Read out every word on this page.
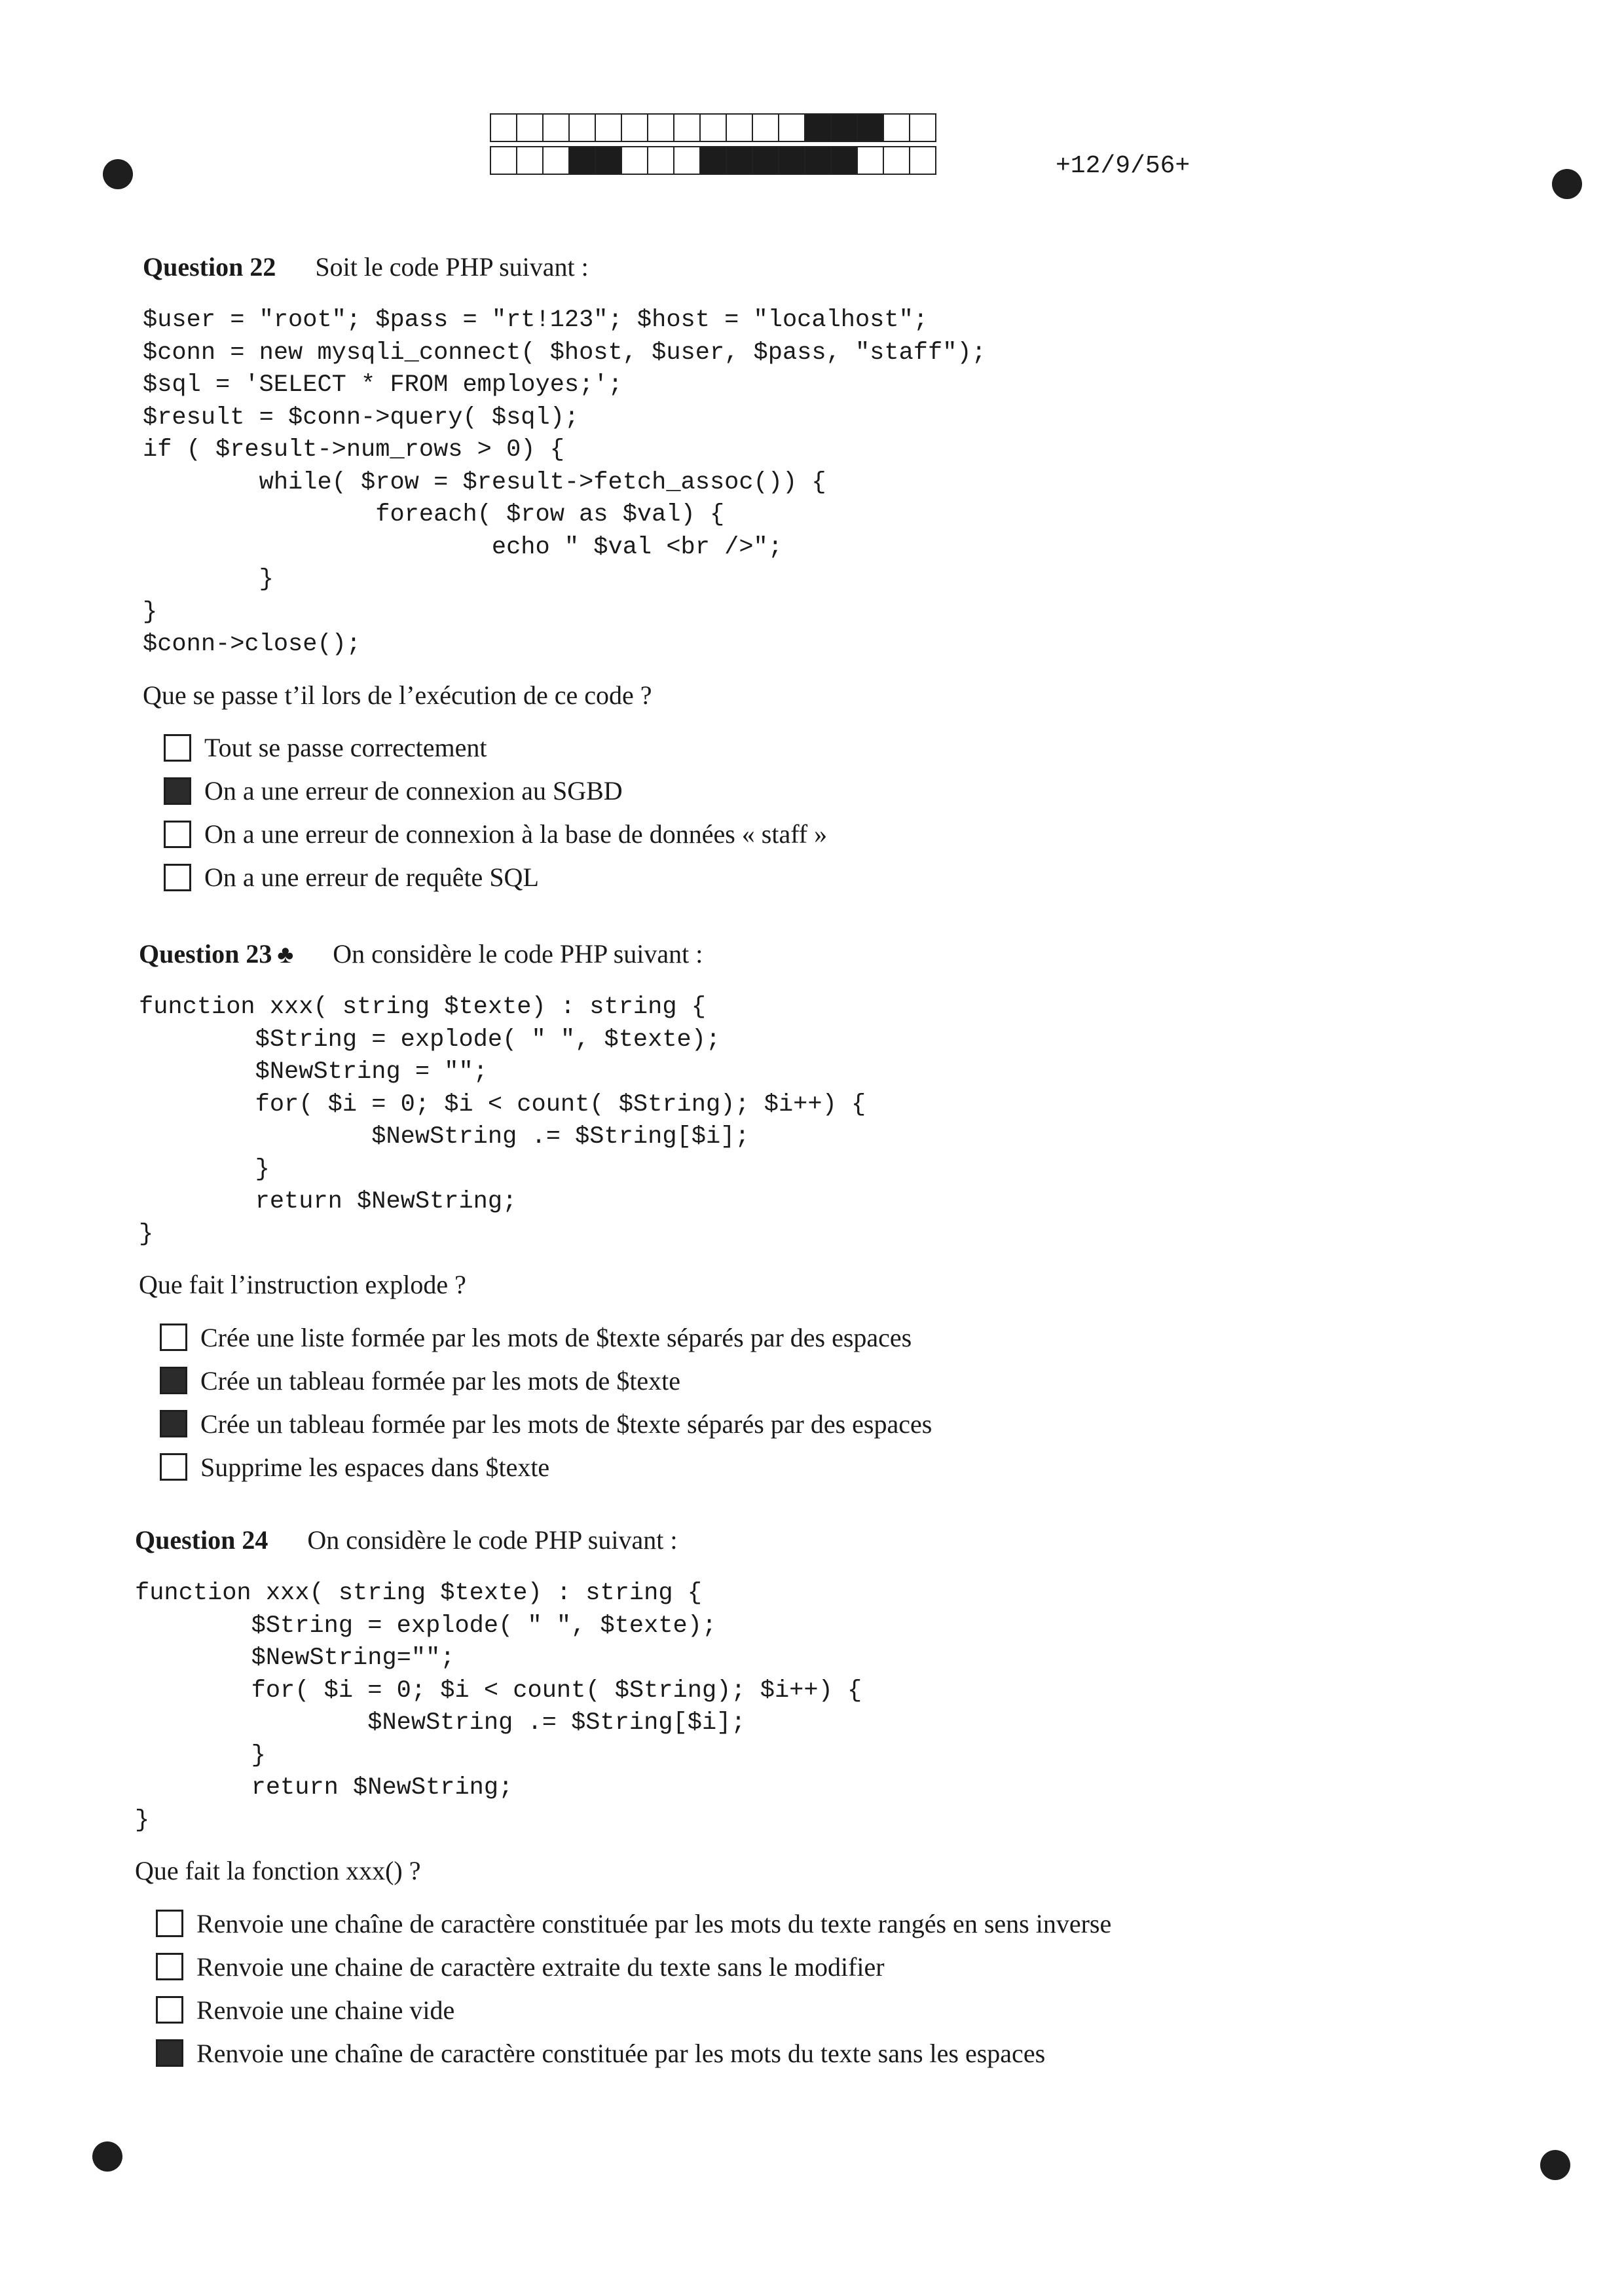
+12/9/56+
Question 22 Soit le code PHP suivant :
$user = "root"; $pass = "rt!123"; $host = "localhost";
$conn = new mysqli_connect( $host, $user, $pass, "staff");
$sql = 'SELECT * FROM employes;';
$result = $conn->query( $sql);
if ( $result->num_rows > 0) {
while( $row = $result->fetch_assoc()) {
foreach( $row as $val) {
echo " $val <br />";
}
}
$conn->close();
Que se passe t’il lors de l’exécution de ce code ?
Tout se passe correctement
On a une erreur de connexion au SGBD
On a une erreur de connexion à la base de données « staff »
On a une erreur de requête SQL
Question 23 ♣ On considère le code PHP suivant :
function xxx( string $texte) : string {
$String = explode( " ", $texte);
$NewString = "";
for( $i = 0; $i < count( $String); $i++) {
$NewString .= $String[$i];
}
return $NewString;
}
Que fait l’instruction explode ?
Crée une liste formée par les mots de $texte séparés par des espaces
Crée un tableau formée par les mots de $texte
Crée un tableau formée par les mots de $texte séparés par des espaces
Supprime les espaces dans $texte
Question 24 On considère le code PHP suivant :
function xxx( string $texte) : string {
$String = explode( " ", $texte);
$NewString="";
for( $i = 0; $i < count( $String); $i++) {
$NewString .= $String[$i];
}
return $NewString;
}
Que fait la fonction xxx() ?
Renvoie une chaîne de caractère constituée par les mots du texte rangés en sens inverse
Renvoie une chaine de caractère extraite du texte sans le modifier
Renvoie une chaine vide
Renvoie une chaîne de caractère constituée par les mots du texte sans les espaces
